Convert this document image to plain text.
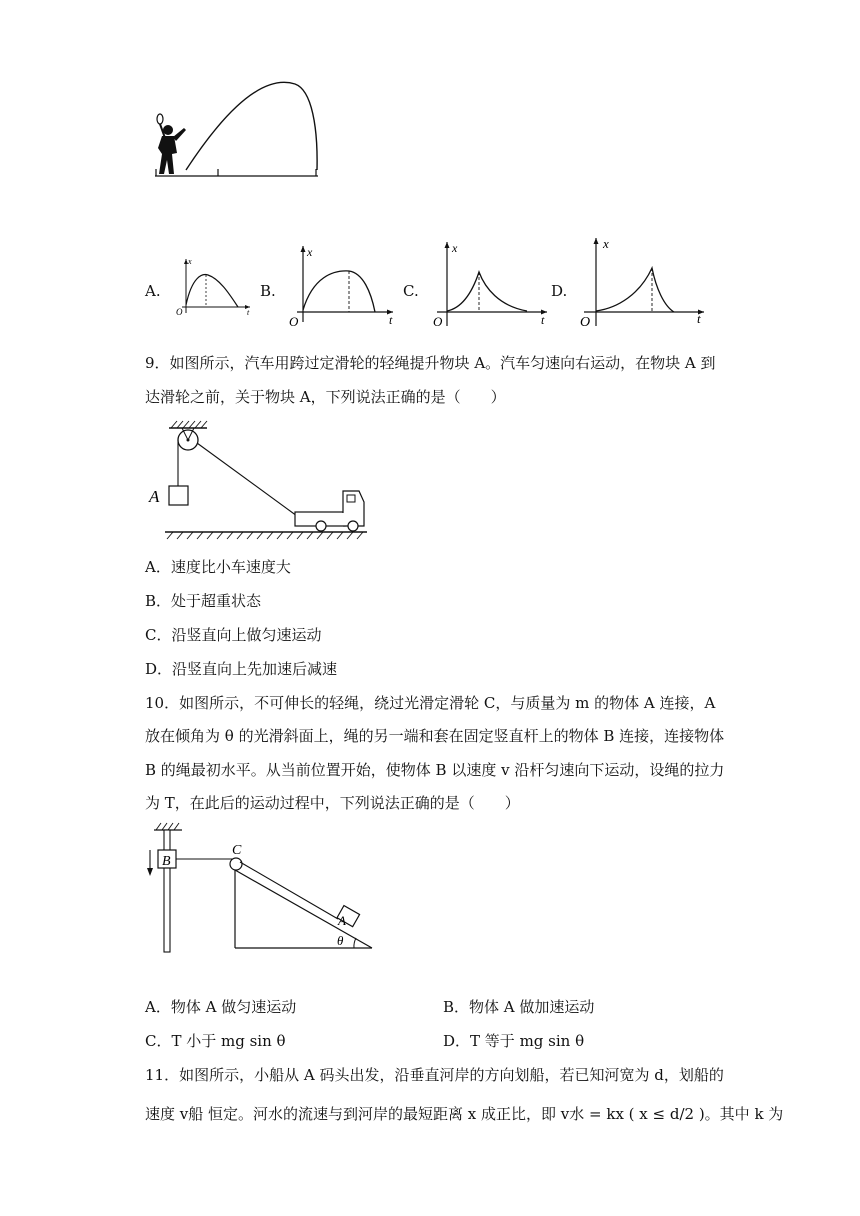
A.
x
t
O
B.
x
t
O
C.
x
t
O
D.
x
t
O
9．如图所示，汽车用跨过定滑轮的轻绳提升物块 A。汽车匀速向右运动，在物块 A 到
达滑轮之前，关于物块 A，下列说法正确的是（　　）
A
A．速度比小车速度大
B．处于超重状态
C．沿竖直向上做匀速运动
D．沿竖直向上先加速后减速
10．如图所示，不可伸长的轻绳，绕过光滑定滑轮 C，与质量为 m 的物体 A 连接，A
放在倾角为 θ 的光滑斜面上，绳的另一端和套在固定竖直杆上的物体 B 连接，连接物体
B 的绳最初水平。从当前位置开始，使物体 B 以速度 v 沿杆匀速向下运动，设绳的拉力
为 T，在此后的运动过程中，下列说法正确的是（　　）
B
C
A
θ
A．物体 A 做匀速运动	B．物体 A 做加速运动
C．T 小于 mg sin θ	D．T 等于 mg sin θ
11．如图所示，小船从 A 码头出发，沿垂直河岸的方向划船，若已知河宽为 d，划船的
速度 v船 恒定。河水的流速与到河岸的最短距离 x 成正比，即 v水 = kx ( x ≤ d/2 )。其中 k 为
